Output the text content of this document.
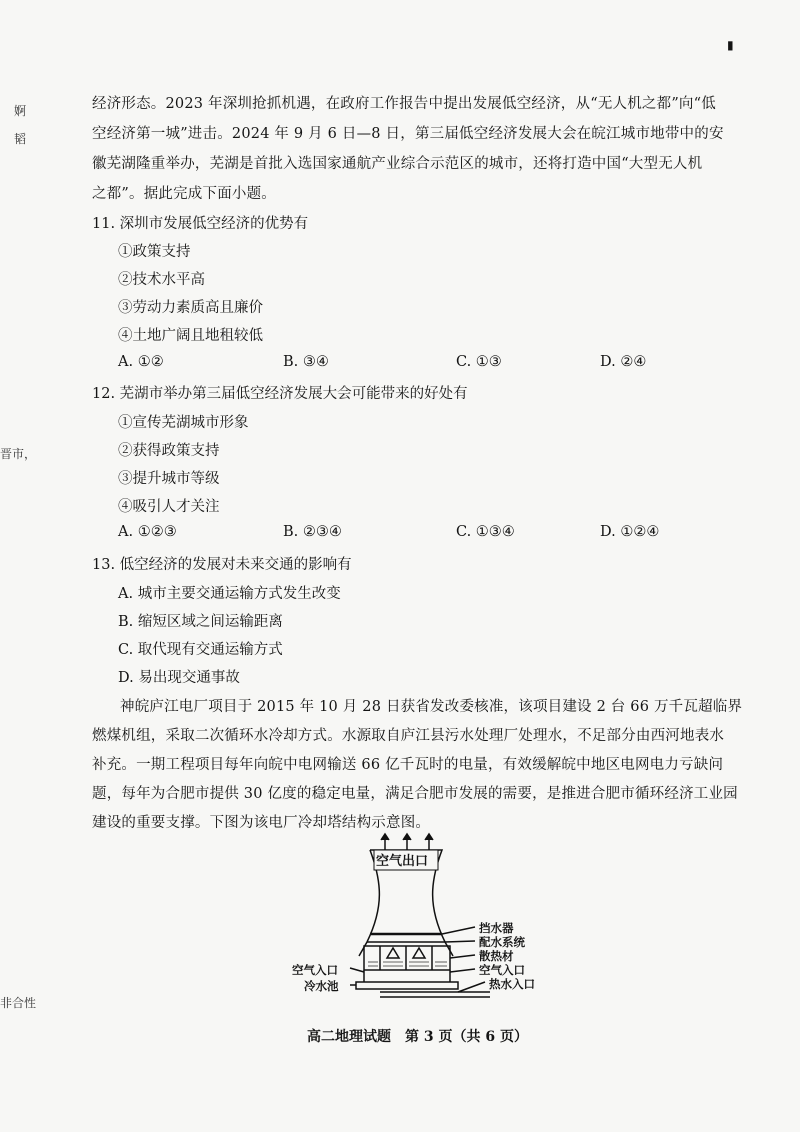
▮
婀
韬
晋市，
非合性
经济形态。2023 年深圳抢抓机遇，在政府工作报告中提出发展低空经济，从“无人机之都”向“低
空经济第一城”进击。2024 年 9 月 6 日—8 日，第三届低空经济发展大会在皖江城市地带中的安
徽芜湖隆重举办，芜湖是首批入选国家通航产业综合示范区的城市，还将打造中国“大型无人机
之都”。据此完成下面小题。
11. 深圳市发展低空经济的优势有
①政策支持
②技术水平高
③劳动力素质高且廉价
④土地广阔且地租较低
A. ①②	B. ③④	C. ①③	D. ②④
12. 芜湖市举办第三届低空经济发展大会可能带来的好处有
①宣传芜湖城市形象
②获得政策支持
③提升城市等级
④吸引人才关注
A. ①②③	B. ②③④	C. ①③④	D. ①②④
13. 低空经济的发展对未来交通的影响有
A. 城市主要交通运输方式发生改变
B. 缩短区域之间运输距离
C. 取代现有交通运输方式
D. 易出现交通事故
神皖庐江电厂项目于 2015 年 10 月 28 日获省发改委核准，该项目建设 2 台 66 万千瓦超临界
燃煤机组，采取二次循环水冷却方式。水源取自庐江县污水处理厂处理水，不足部分由西河地表水
补充。一期工程项目每年向皖中电网输送 66 亿千瓦时的电量，有效缓解皖中地区电网电力亏缺问
题，每年为合肥市提供 30 亿度的稳定电量，满足合肥市发展的需要，是推进合肥市循环经济工业园
建设的重要支撑。下图为该电厂冷却塔结构示意图。
空气出口
挡水器
配水系统
散热材
空气入口
热水入口
空气入口
冷水池
高二地理试题　第 3 页（共 6 页）
